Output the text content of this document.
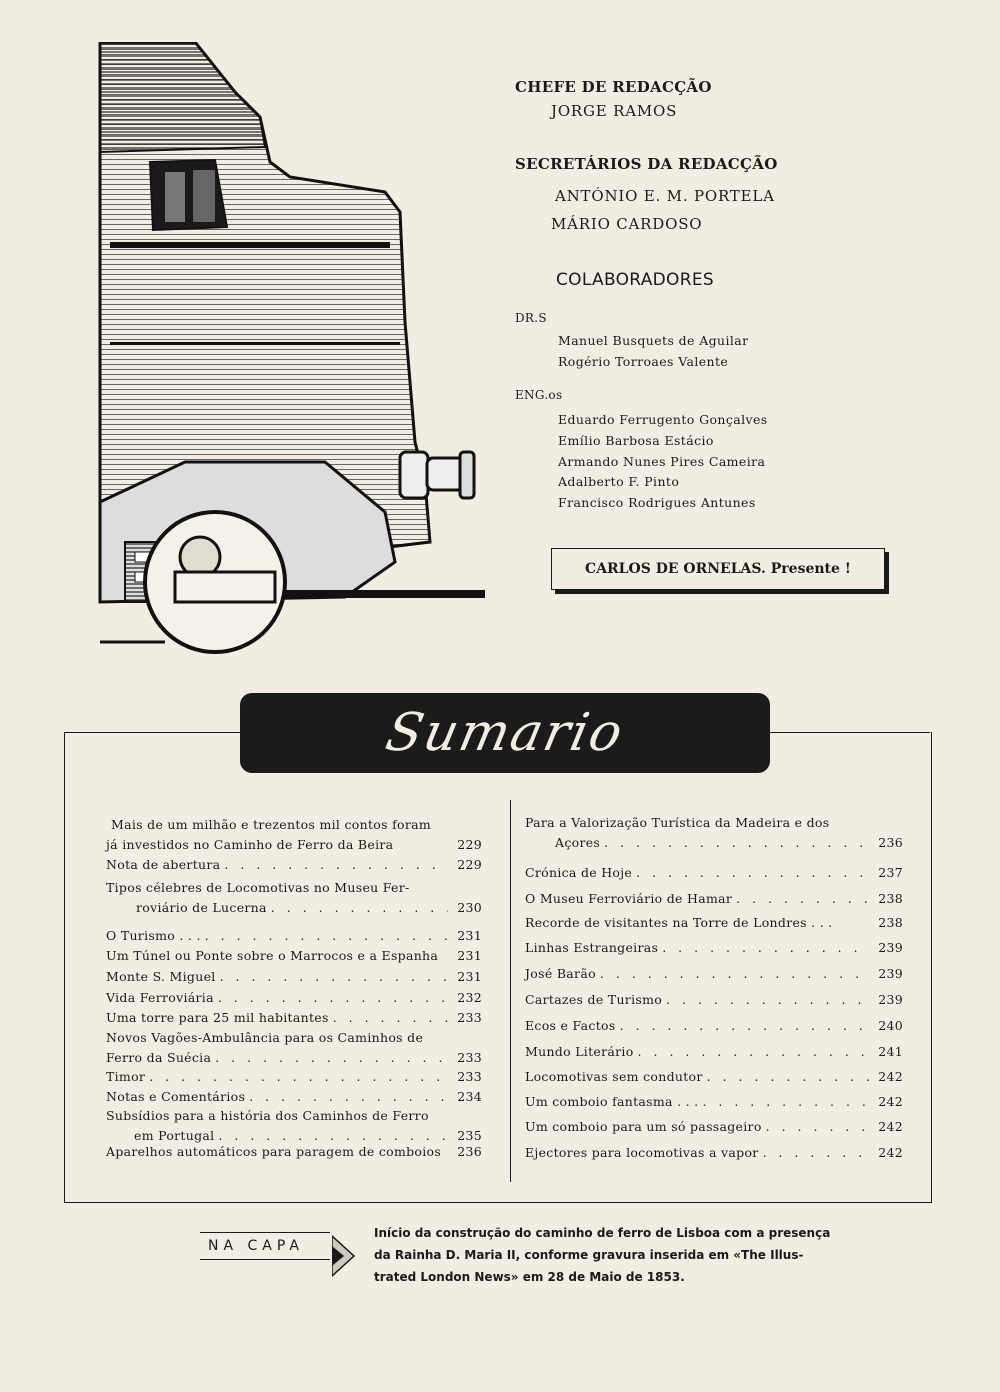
CHEFE DE REDACÇÃO
JORGE RAMOS
SECRETÁRIOS DA REDACÇÃO
ANTÓNIO E. M. PORTELA
MÁRIO CARDOSO
COLABORADORES
DR.S
Manuel Busquets de Aguilar
Rogério Torroaes Valente
ENG.os
Eduardo Ferrugento Gonçalves
Emílio Barbosa Estácio
Armando Nunes Pires Cameira
Adalberto F. Pinto
Francisco Rodrigues Antunes
CARLOS DE ORNELAS. Presente !
Sumario
Mais de um milhão e trezentos mil contos foram
já investidos no Caminho de Ferro da Beira	229
Nota de abertura . . .	229
Tipos célebres de Locomotivas no Museu Fer-
roviário de Lucerna . . .	230
O Turismo . . . . . .	231
Um Túnel ou Ponte sobre o Marrocos e a Espanha	231
Monte S. Miguel . . .	231
Vida Ferroviária . . .	232
Uma torre para 25 mil habitantes . . .	233
Novos Vagões-Ambulância para os Caminhos de
Ferro da Suécia . . .	233
Timor . . .	233
Notas e Comentários . . .	234
Subsídios para a história dos Caminhos de Ferro
em Portugal . . .	235
Aparelhos automáticos para paragem de comboios	236
Para a Valorização Turística da Madeira e dos
Açores . . .	236
Crónica de Hoje . . .	237
O Museu Ferroviário de Hamar . . .	238
Recorde de visitantes na Torre de Londres . . .	238
Linhas Estrangeiras . . .	239
José Barão . . .	239
Cartazes de Turismo . . .	239
Ecos e Factos . . .	240
Mundo Literário . . .	241
Locomotivas sem condutor . . .	242
Um comboio fantasma . . . . . .	242
Um comboio para um só passageiro . . .	242
Ejectores para locomotivas a vapor . . .	242
NA CAPA
Início da construção do caminho de ferro de Lisboa com a presença
da Rainha D. Maria II, conforme gravura inserida em «The Illus-
trated London News» em 28 de Maio de 1853.
